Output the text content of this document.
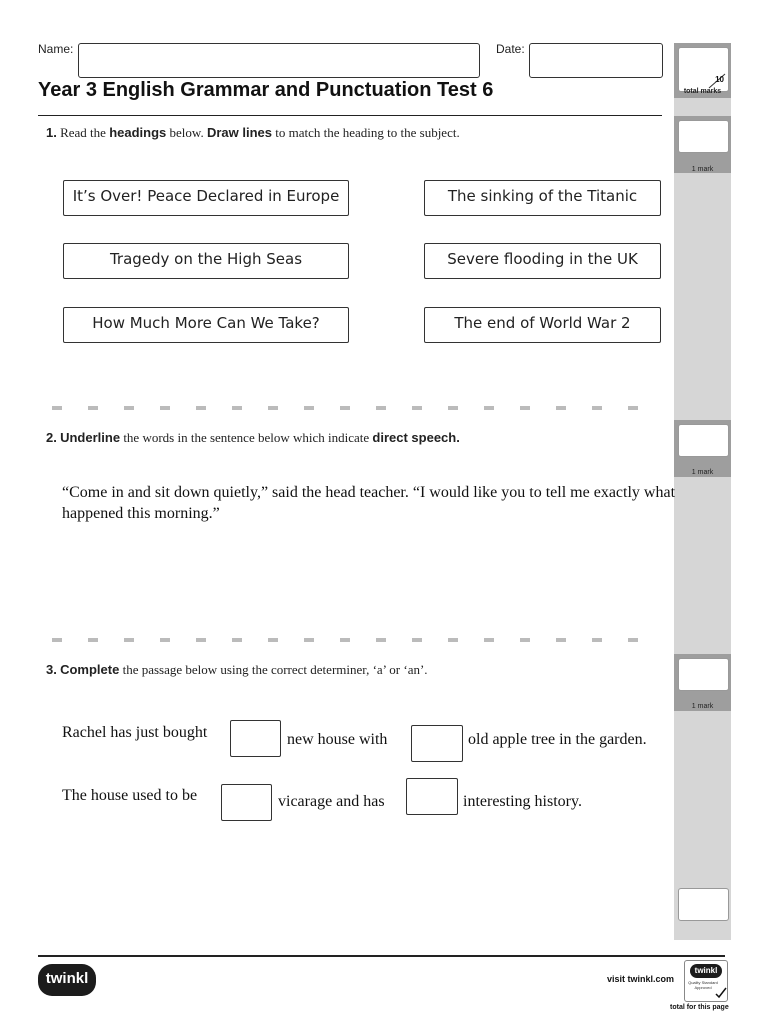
Name:	Date:
Year 3 English Grammar and Punctuation Test 6	10
total marks
1 mark
1 mark
1 mark
1. Read the headings below. Draw lines to match the heading to the subject.
It’s Over! Peace Declared in Europe
Tragedy on the High Seas
How Much More Can We Take?
The sinking of the Titanic
Severe flooding in the UK
The end of World War 2
2. Underline the words in the sentence below which indicate direct speech.
“Come in and sit down quietly,” said the head teacher. “I would like you to tell me exactly what
happened this morning.”
3. Complete the passage below using the correct determiner, ‘a’ or ‘an’.
Rachel has just bought	new house with	old apple tree in the garden.
The house used to be	vicarage and has	interesting history.
twinkl	visit twinkl.com
twinkl
Quality Standard Approved
total for this page
